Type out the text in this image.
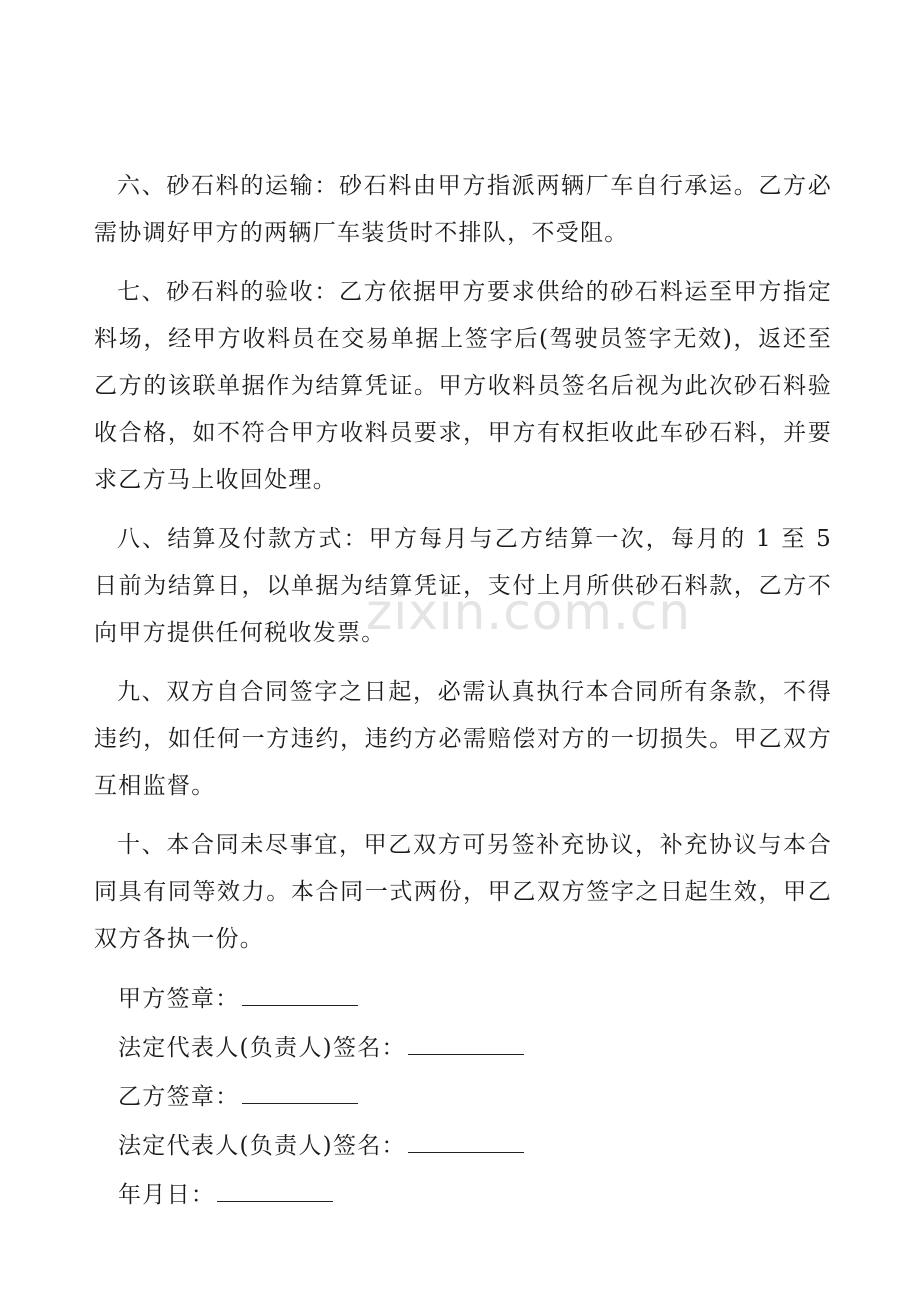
六、砂石料的运输：砂石料由甲方指派两辆厂车自行承运。乙方必需协调好甲方的两辆厂车装货时不排队，不受阻。

七、砂石料的验收：乙方依据甲方要求供给的砂石料运至甲方指定料场，经甲方收料员在交易单据上签字后(驾驶员签字无效)，返还至乙方的该联单据作为结算凭证。甲方收料员签名后视为此次砂石料验收合格，如不符合甲方收料员要求，甲方有权拒收此车砂石料，并要求乙方马上收回处理。

八、结算及付款方式：甲方每月与乙方结算一次，每月的 1 至 5 日前为结算日，以单据为结算凭证，支付上月所供砂石料款，乙方不向甲方提供任何税收发票。

九、双方自合同签字之日起，必需认真执行本合同所有条款，不得违约，如任何一方违约，违约方必需赔偿对方的一切损失。甲乙双方互相监督。

十、本合同未尽事宜，甲乙双方可另签补充协议，补充协议与本合同具有同等效力。本合同一式两份，甲乙双方签字之日起生效，甲乙双方各执一份。

甲方签章：
法定代表人(负责人)签名：
乙方签章：
法定代表人(负责人)签名：
年月日：
zixin.com.cn
